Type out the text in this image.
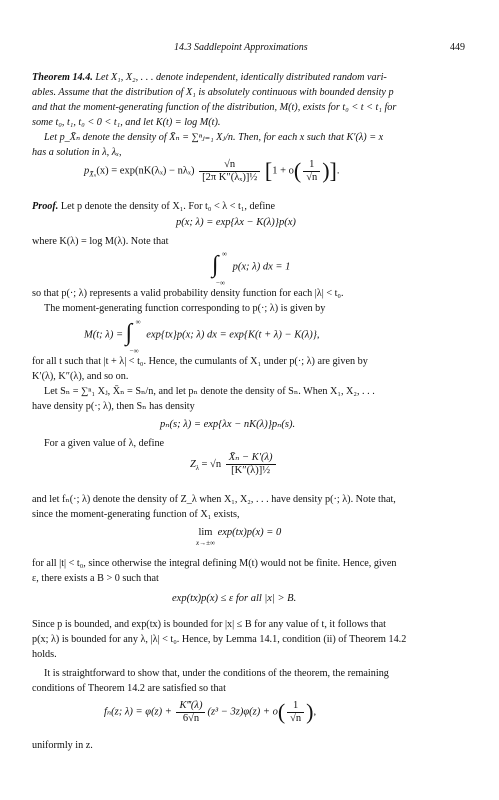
14.3 Saddlepoint Approximations	449
Theorem 14.4. Let X₁, X₂, . . . denote independent, identically distributed random vari-
ables. Assume that the distribution of X₁ is absolutely continuous with bounded density p
and that the moment-generating function of the distribution, M(t), exists for t₀ < t < t₁ for
some t₀, t₁, t₀ < 0 < t₁, and let K(t) = log M(t).
Let p_X̄ₙ denote the density of X̄ₙ = ∑ⁿⱼ₌₁ Xⱼ/n. Then, for each x such that K′(λ) = x
has a solution in λ, λₓ,
$p_{X̄_n}(x) = \exp(nK(\lambda_x) - n\lambda_x) \frac{√n}{\text{[2π K″(λₓ)]½}} [1 + o( \frac{1}{√n}$ )].
Proof. Let p denote the density of X₁. For t₀ < λ < t₁, define
p(x; λ) = exp{λx − K(λ)}p(x)
where K(λ) = log M(λ). Note that
∫ ∞
−∞
p(x; λ) dx = 1
so that p(·; λ) represents a valid probability density function for each |λ| < t₀.
The moment-generating function corresponding to p(·; λ) is given by
M(t; λ) = ∫ ∞
−∞
exp{tx}p(x; λ) dx = exp{K(t + λ) − K(λ)},
for all t such that |t + λ| < t₀. Hence, the cumulants of X₁ under p(·; λ) are given by
K′(λ), K″(λ), and so on.
Let Sₙ = ∑ⁿ₁ Xⱼ, X̄ₙ = Sₙ/n, and let pₙ denote the density of Sₙ. When X₁, X₂, . . .
have density p(·; λ), then Sₙ has density
pₙ(s; λ) = exp{λx − nK(λ)}pₙ(s).
For a given value of λ, define
$Z_\lambda = √n \frac{\text{X̄ₙ − K′(λ)}}{\text{[K″(λ)]½}}$
and let fₙ(·; λ) denote the density of Z_λ when X₁, X₂, . . . have density p(·; λ). Note that,
since the moment-generating function of X₁ exists,
lim
x→±∞
exp(tx)p(x) = 0
for all |t| < t₀, since otherwise the integral defining M(t) would not be finite. Hence, given
ε, there exists a B > 0 such that
exp(tx)p(x) ≤ ε for all |x| > B.
Since p is bounded, and exp(tx) is bounded for |x| ≤ B for any value of t, it follows that
p(x; λ) is bounded for any λ, |λ| < t₀. Hence, by Lemma 14.1, condition (ii) of Theorem 14.2
holds.
It is straightforward to show that, under the conditions of the theorem, the remaining
conditions of Theorem 14.2 are satisfied so that
fₙ(z; $\lambda) = \varphi(z) + \frac{K‴(\lambda)}{6√n} (z^3 - 3z)\varphi(z) + o( \frac{1}{√n}$ ),
uniformly in z.
